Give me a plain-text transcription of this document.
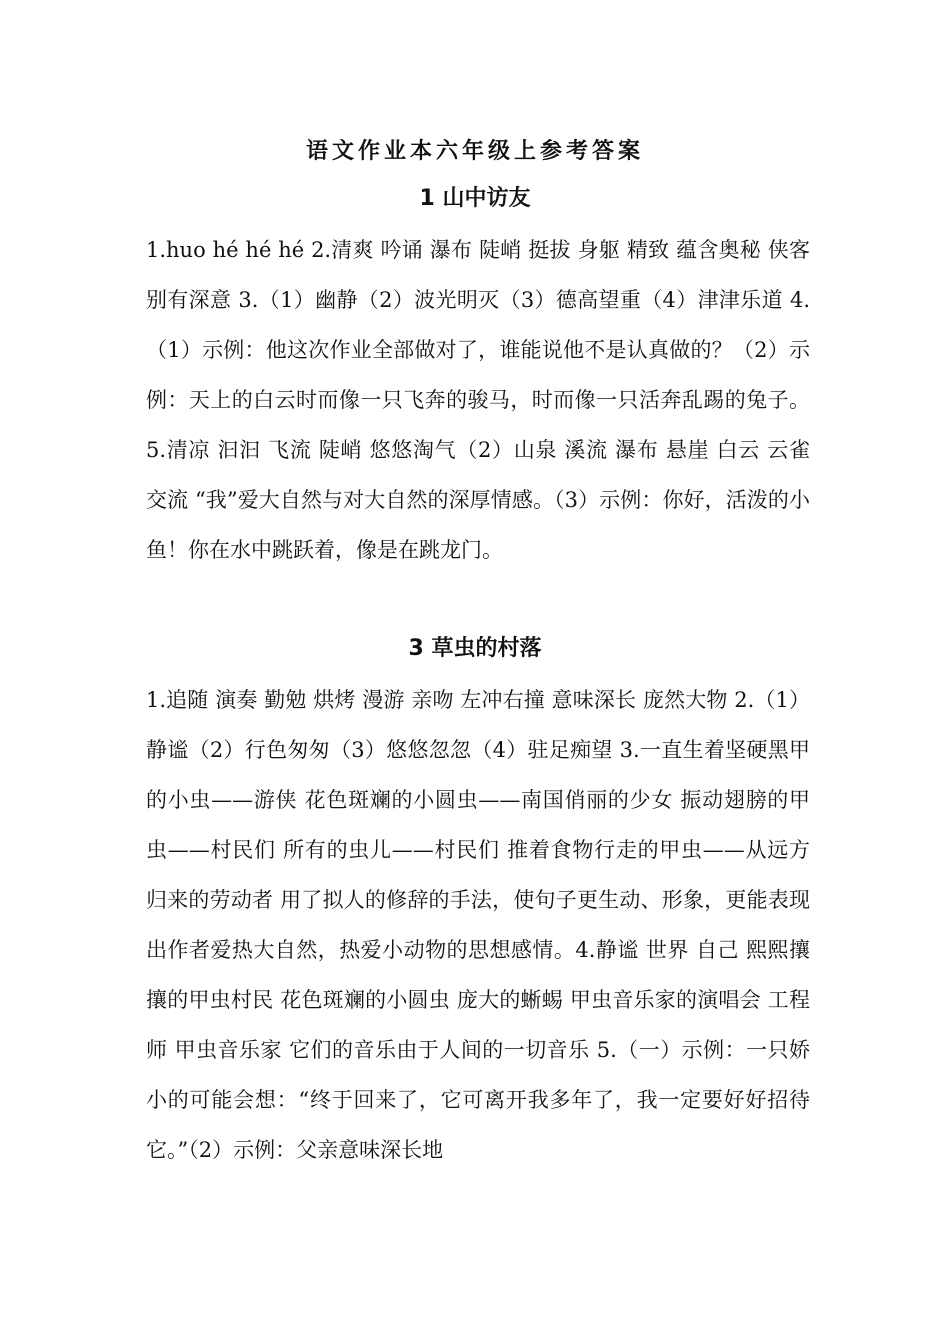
语文作业本六年级上参考答案
1 山中访友

1.huo hé hé hé 2.清爽 吟诵 瀑布 陡峭 挺拔 身躯 精致 蕴含奥秘 侠客 别有深意 3.（1）幽静（2）波光明灭（3）德高望重（4）津津乐道 4.（1）示例：他这次作业全部做对了，谁能说他不是认真做的？（2）示例：天上的白云时而像一只飞奔的骏马，时而像一只活奔乱踢的兔子。5.清凉 汩汩 飞流 陡峭 悠悠淘气（2）山泉 溪流 瀑布 悬崖 白云 云雀 交流 “我”爱大自然与对大自然的深厚情感。（3）示例：你好，活泼的小鱼！你在水中跳跃着，像是在跳龙门。

3 草虫的村落

1.追随 演奏 勤勉 烘烤 漫游 亲吻 左冲右撞 意味深长 庞然大物 2.（1）静谧（2）行色匆匆（3）悠悠忽忽（4）驻足痴望 3.一直生着坚硬黑甲的小虫——游侠 花色斑斓的小圆虫——南国俏丽的少女 振动翅膀的甲虫——村民们 所有的虫儿——村民们 推着食物行走的甲虫——从远方归来的劳动者 用了拟人的修辞的手法，使句子更生动、形象，更能表现出作者爱热大自然，热爱小动物的思想感情。4.静谧 世界 自己 熙熙攘攘的甲虫村民 花色斑斓的小圆虫 庞大的蜥蜴 甲虫音乐家的演唱会 工程师 甲虫音乐家 它们的音乐由于人间的一切音乐 5.（一）示例：一只娇小的可能会想：“终于回来了，它可离开我多年了，我一定要好好招待它。”（2）示例：父亲意味深长地
